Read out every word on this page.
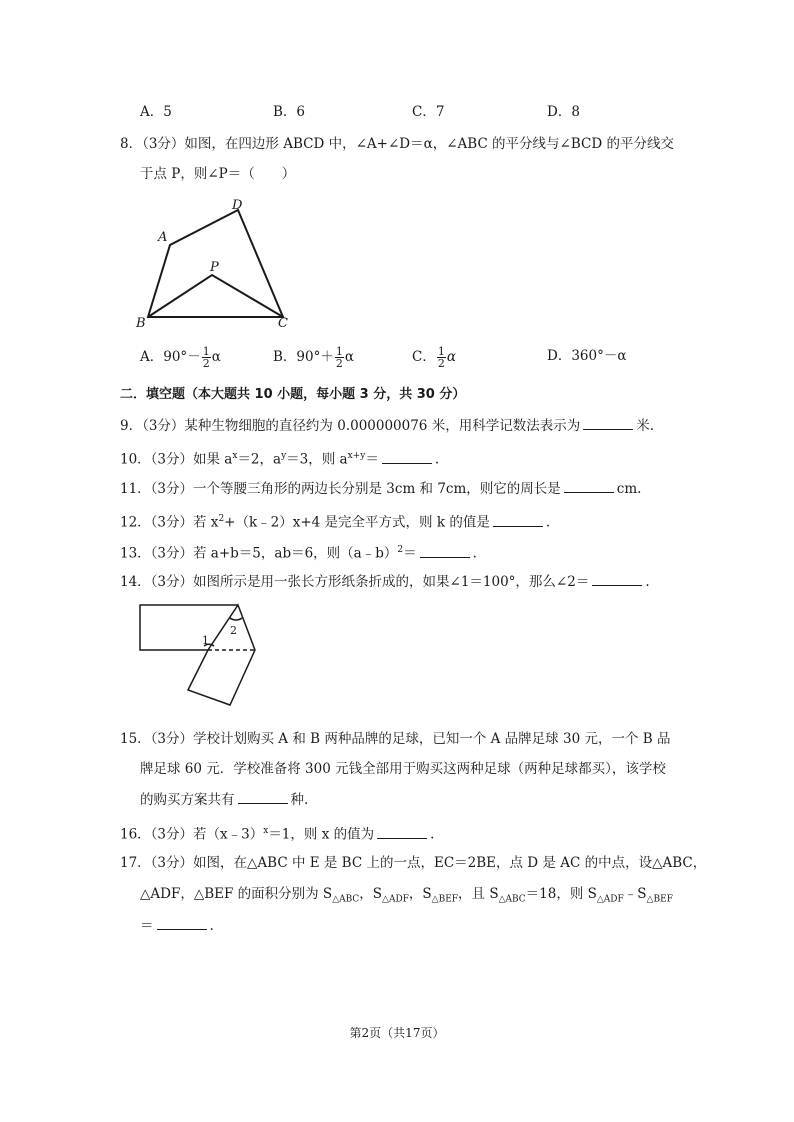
A．5	B．6	C．7	D．8
8．（3分）如图，在四边形 ABCD 中，∠A+∠D＝α，∠ABC 的平分线与∠BCD 的平分线交
于点 P，则∠P＝（　　）
A
B	C
D
P
A．$90^\circ- \frac{1}{2}$ α	B．$90^\circ+ \frac{1}{2}$ α	C． $\frac{1}{2}$ α	D．360°－α
二．填空题（本大题共 10 小题，每小题 3 分，共 30 分）
9．（3分）某种生物细胞的直径约为 0.000000076 米，用科学记数法表示为	米.
10．（3分）如果 $a^x=2$，$a^y=3$，则 $a^{x+y}=$	.
11．（3分）一个等腰三角形的两边长分别是 3cm 和 7cm，则它的周长是	cm.
12．（3分）若 $x^2+(k﹣2)x+4$ 是完全平方式，则 k 的值是	.
13．（3分）若 a+b＝5，ab＝6，则（a﹣b）$^2$＝	.
14．（3分）如图所示是用一张长方形纸条折成的，如果∠1＝100°，那么∠2＝	.
1
2
15．（3分）学校计划购买 A 和 B 两种品牌的足球，已知一个 A 品牌足球 30 元，一个 B 品
牌足球 60 元．学校准备将 300 元钱全部用于购买这两种足球（两种足球都买），该学校
的购买方案共有	种.
16．（3分）若（x﹣3）$^x$＝1，则 x 的值为	.
17．（3分）如图，在△ABC 中 E 是 BC 上的一点，EC＝2BE，点 D 是 AC 的中点，设△ABC，
△ADF，△BEF 的面积分别为 $S_{\triangle ABC}$，$S_{\triangle ADF}$，$S_{\triangle BEF}$，且 $S_{\triangle ABC}=18$，则 $S_{\triangle ADF}﹣S_{\triangle BEF}$
＝	.
第2页（共17页）
